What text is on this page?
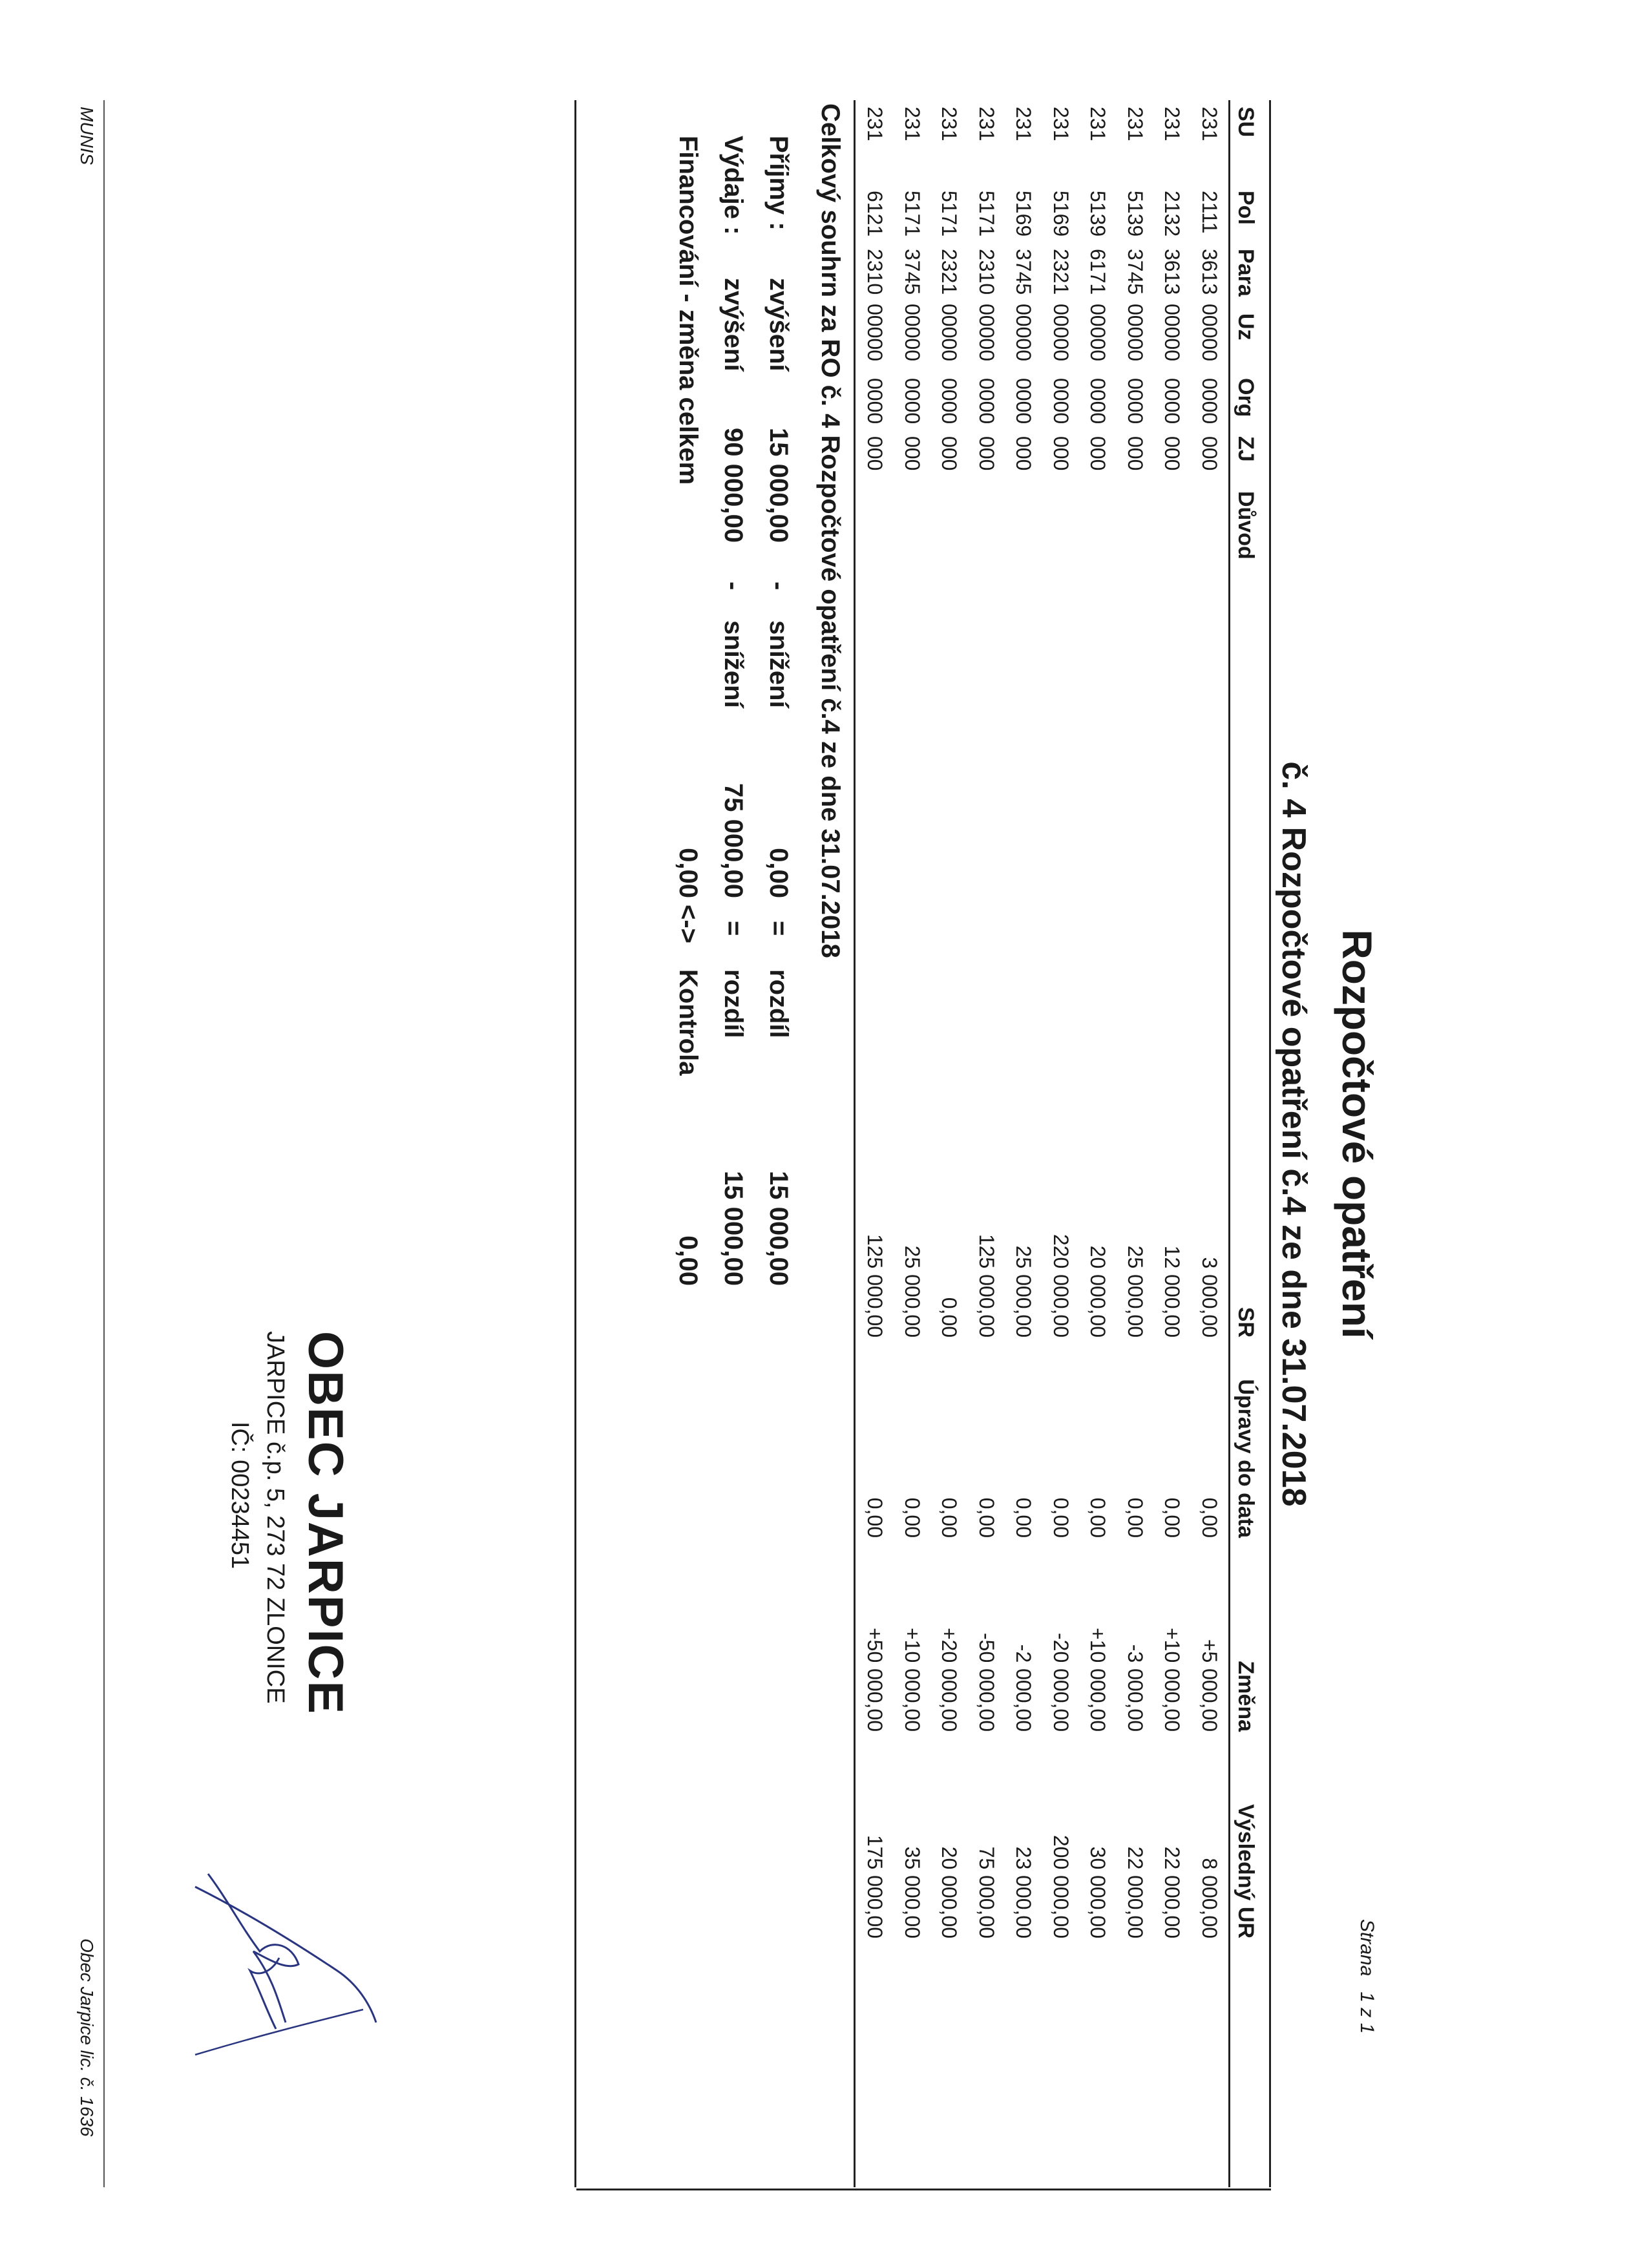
Strana1 z 1
Rozpočtové opatření
č. 4 Rozpočtové opatření č.4 ze dne 31.07.2018
SU
Pol
Para
Uz
Org
ZJ
Důvod
SR
Úpravy do data
Změna
Výsledný UR
231
2111
3613
00000
0000
000
3 000,00
0,00
+5 000,00
8 000,00
231
2132
3613
00000
0000
000
12 000,00
0,00
+10 000,00
22 000,00
231
5139
3745
00000
0000
000
25 000,00
0,00
-3 000,00
22 000,00
231
5139
6171
00000
0000
000
20 000,00
0,00
+10 000,00
30 000,00
231
5169
2321
00000
0000
000
220 000,00
0,00
-20 000,00
200 000,00
231
5169
3745
00000
0000
000
25 000,00
0,00
-2 000,00
23 000,00
231
5171
2310
00000
0000
000
125 000,00
0,00
-50 000,00
75 000,00
231
5171
2321
00000
0000
000
0,00
0,00
+20 000,00
20 000,00
231
5171
3745
00000
0000
000
25 000,00
0,00
+10 000,00
35 000,00
231
6121
2310
00000
0000
000
125 000,00
0,00
+50 000,00
175 000,00
Celkový souhrn za RO č. 4 Rozpočtové opatření č.4 ze dne 31.07.2018
Příjmy :
zvýšení
15 000,00
-
snížení
0,00
=
rozdíl
15 000,00
Výdaje :
zvýšení
90 000,00
-
snížení
75 000,00
=
rozdíl
15 000,00
Financování - změna celkem
0,00
<->
Kontrola
0,00
OBEC JARPICE
JARPICE č.p. 5, 273 72 ZLONICE
IČ: 00234451
MUNIS
Obec Jarpice lic. č. 1636
